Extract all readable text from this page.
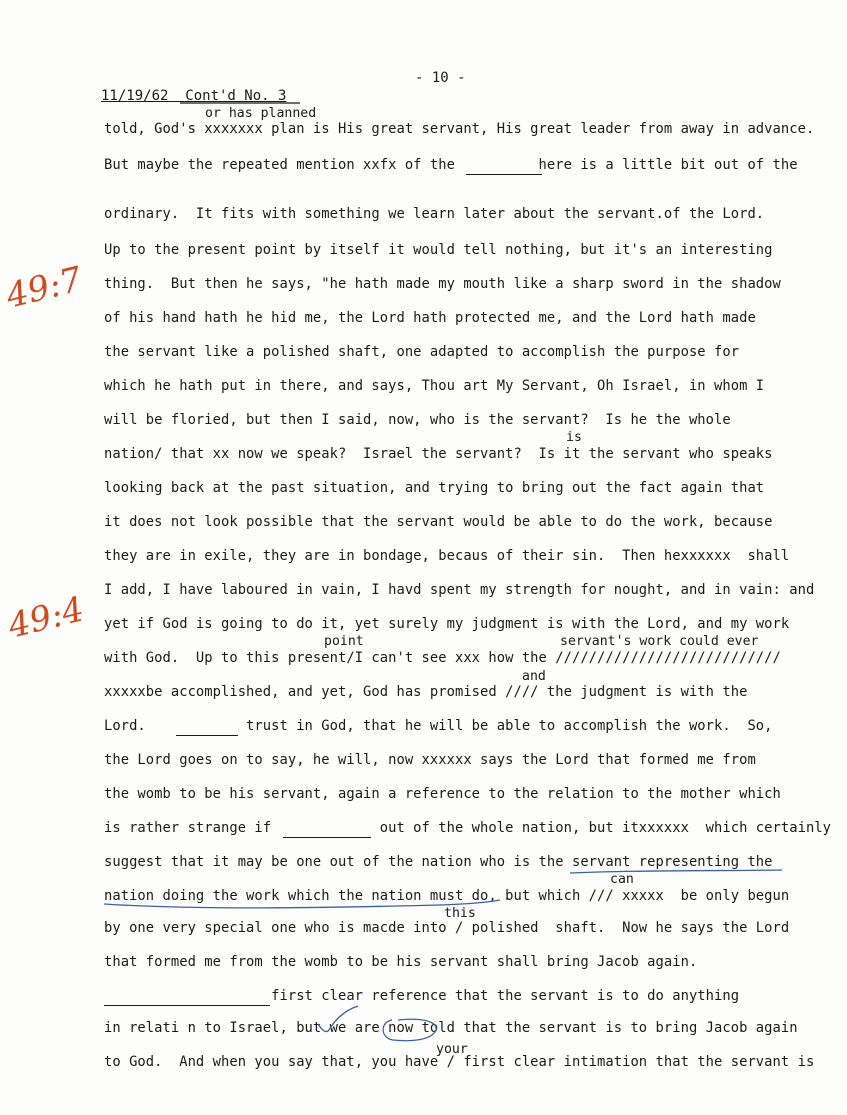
- 10 -
11/19/62  Cont'd No. 3
49:7
49:4
or has planned
is
point	servant's work could ever
and
can
this
your
told, God's xxxxxxx plan is His great servant, His great leader from away in advance.
But maybe the repeated mention xxfx of the          here is a little bit out of the
ordinary.  It fits with something we learn later about the servant.of the Lord.
Up to the present point by itself it would tell nothing, but it's an interesting
thing.  But then he says, "he hath made my mouth like a sharp sword in the shadow
of his hand hath he hid me, the Lord hath protected me, and the Lord hath made
the servant like a polished shaft, one adapted to accomplish the purpose for
which he hath put in there, and says, Thou art My Servant, Oh Israel, in whom I
will be floried, but then I said, now, who is the servant?  Is he the whole
nation/ that xx now we speak?  Israel the servant?  Is it the servant who speaks
looking back at the past situation, and trying to bring out the fact again that
it does not look possible that the servant would be able to do the work, because
they are in exile, they are in bondage, becaus of their sin.  Then hexxxxxx  shall
I add, I have laboured in vain, I havd spent my strength for nought, and in vain: and
yet if God is going to do it, yet surely my judgment is with the Lord, and my work
with God.  Up to this present/I can't see xxx how the ///////////////////////////
xxxxxbe accomplished, and yet, God has promised //// the judgment is with the
Lord.            trust in God, that he will be able to accomplish the work.  So,
the Lord goes on to say, he will, now xxxxxx says the Lord that formed me from
the womb to be his servant, again a reference to the relation to the mother which
is rather strange if             out of the whole nation, but itxxxxxx  which certainly
suggest that it may be one out of the nation who is the servant representing the
nation doing the work which the nation must do, but which /// xxxxx  be only begun
by one very special one who is macde into / polished  shaft.  Now he says the Lord
that formed me from the womb to be his servant shall bring Jacob again.
first clear reference that the servant is to do anything
in relati n to Israel, but we are now told that the servant is to bring Jacob again
to God.  And when you say that, you have / first clear intimation that the servant is
